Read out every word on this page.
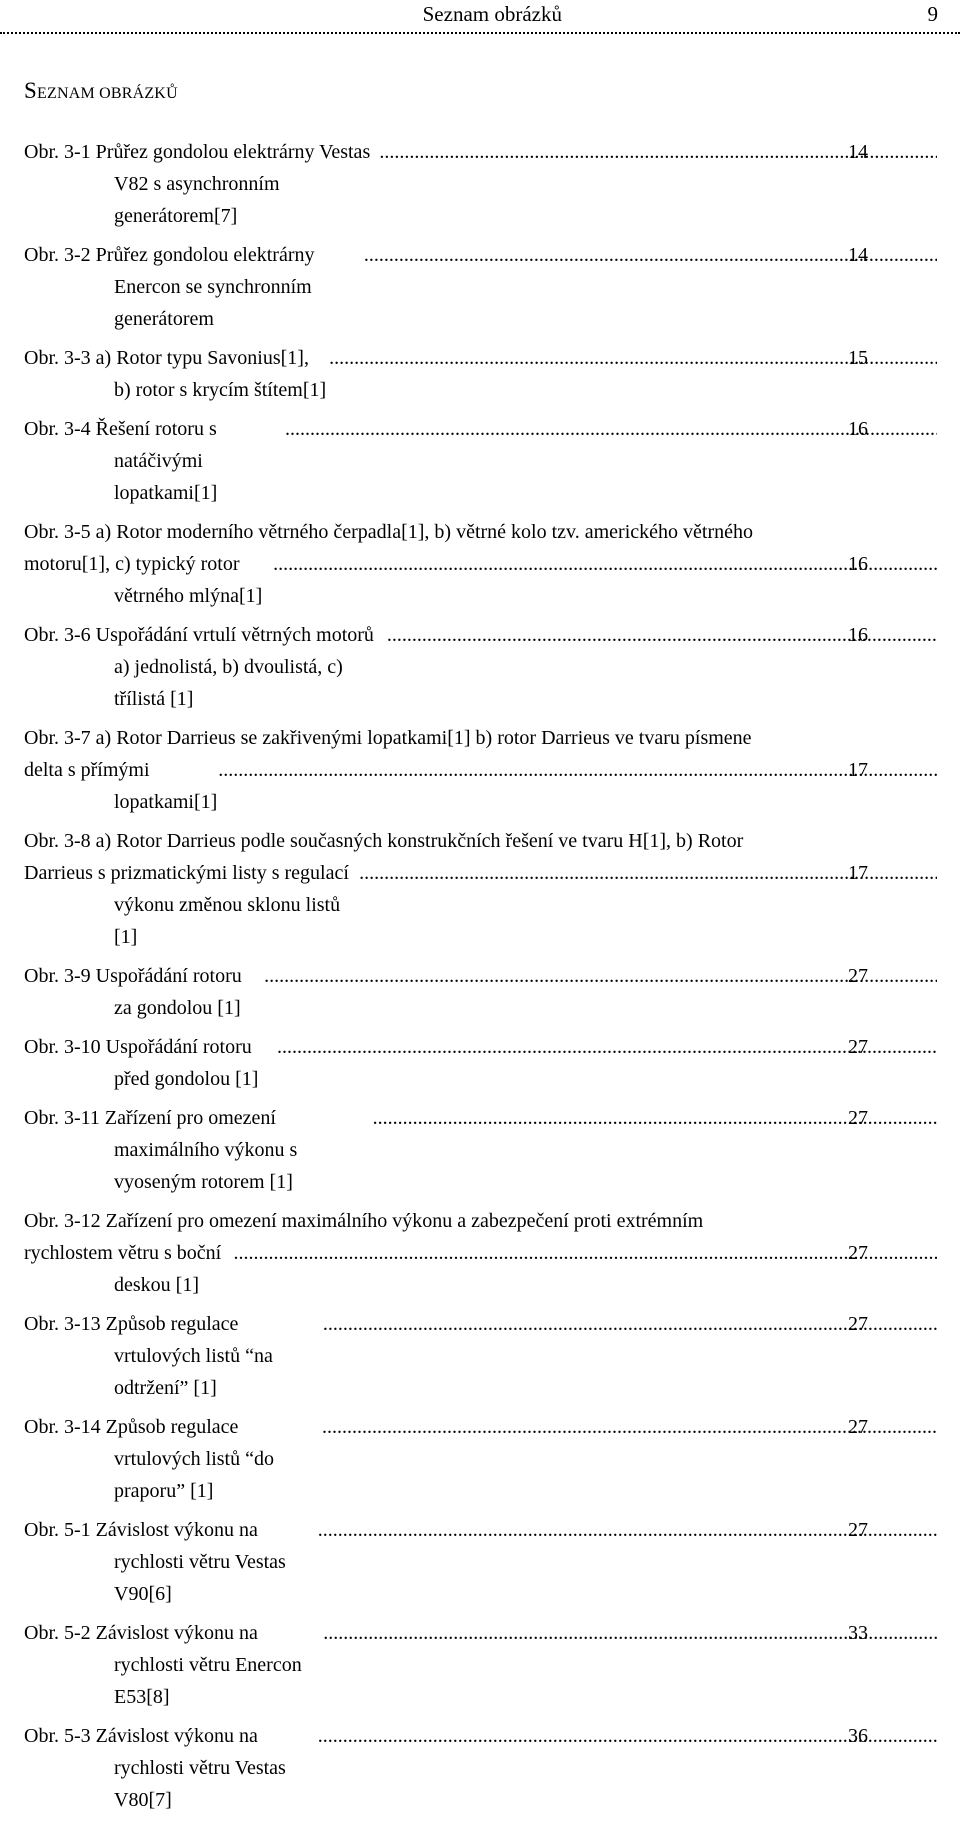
Seznam obrázků	9
SEZNAM OBRÁZKŮ
Obr. 3-1 Průřez gondolou elektrárny Vestas V82 s asynchronním generátorem[7]
.....
14
Obr. 3-2 Průřez gondolou elektrárny Enercon se synchronním generátorem
.....
14
Obr. 3-3 a) Rotor typu Savonius[1], b) rotor s krycím štítem[1]
.....
15
Obr. 3-4 Řešení rotoru s natáčivými lopatkami[1]
.....
16
Obr. 3-5 a) Rotor moderního větrného čerpadla[1], b) větrné kolo tzv. amerického větrného
motoru[1], c) typický rotor větrného mlýna[1]
.....
16
Obr. 3-6 Uspořádání vrtulí větrných motorů a) jednolistá, b) dvoulistá, c) třílistá [1]
.....
16
Obr. 3-7 a) Rotor Darrieus se zakřivenými lopatkami[1] b) rotor Darrieus ve tvaru písmene
delta s přímými lopatkami[1]
.....
17
Obr. 3-8 a) Rotor Darrieus podle současných konstrukčních řešení ve tvaru H[1], b) Rotor
Darrieus s prizmatickými listy s regulací výkonu změnou sklonu listů [1]
.....
17
Obr. 3-9 Uspořádání rotoru za gondolou [1]
.....
27
Obr. 3-10 Uspořádání rotoru před gondolou [1]
.....
27
Obr. 3-11 Zařízení pro omezení maximálního výkonu s vyoseným rotorem [1]
.....
27
Obr. 3-12 Zařízení pro omezení maximálního výkonu a zabezpečení proti extrémním
rychlostem větru s boční deskou [1]
.....
27
Obr. 3-13 Způsob regulace vrtulových listů “na odtržení” [1]
.....
27
Obr. 3-14 Způsob regulace vrtulových listů “do praporu” [1]
.....
27
Obr. 5-1 Závislost výkonu na rychlosti větru Vestas V90[6]
.....
27
Obr. 5-2 Závislost výkonu na rychlosti větru Enercon E53[8]
.....
33
Obr. 5-3 Závislost výkonu na rychlosti větru Vestas V80[7]
.....
36
